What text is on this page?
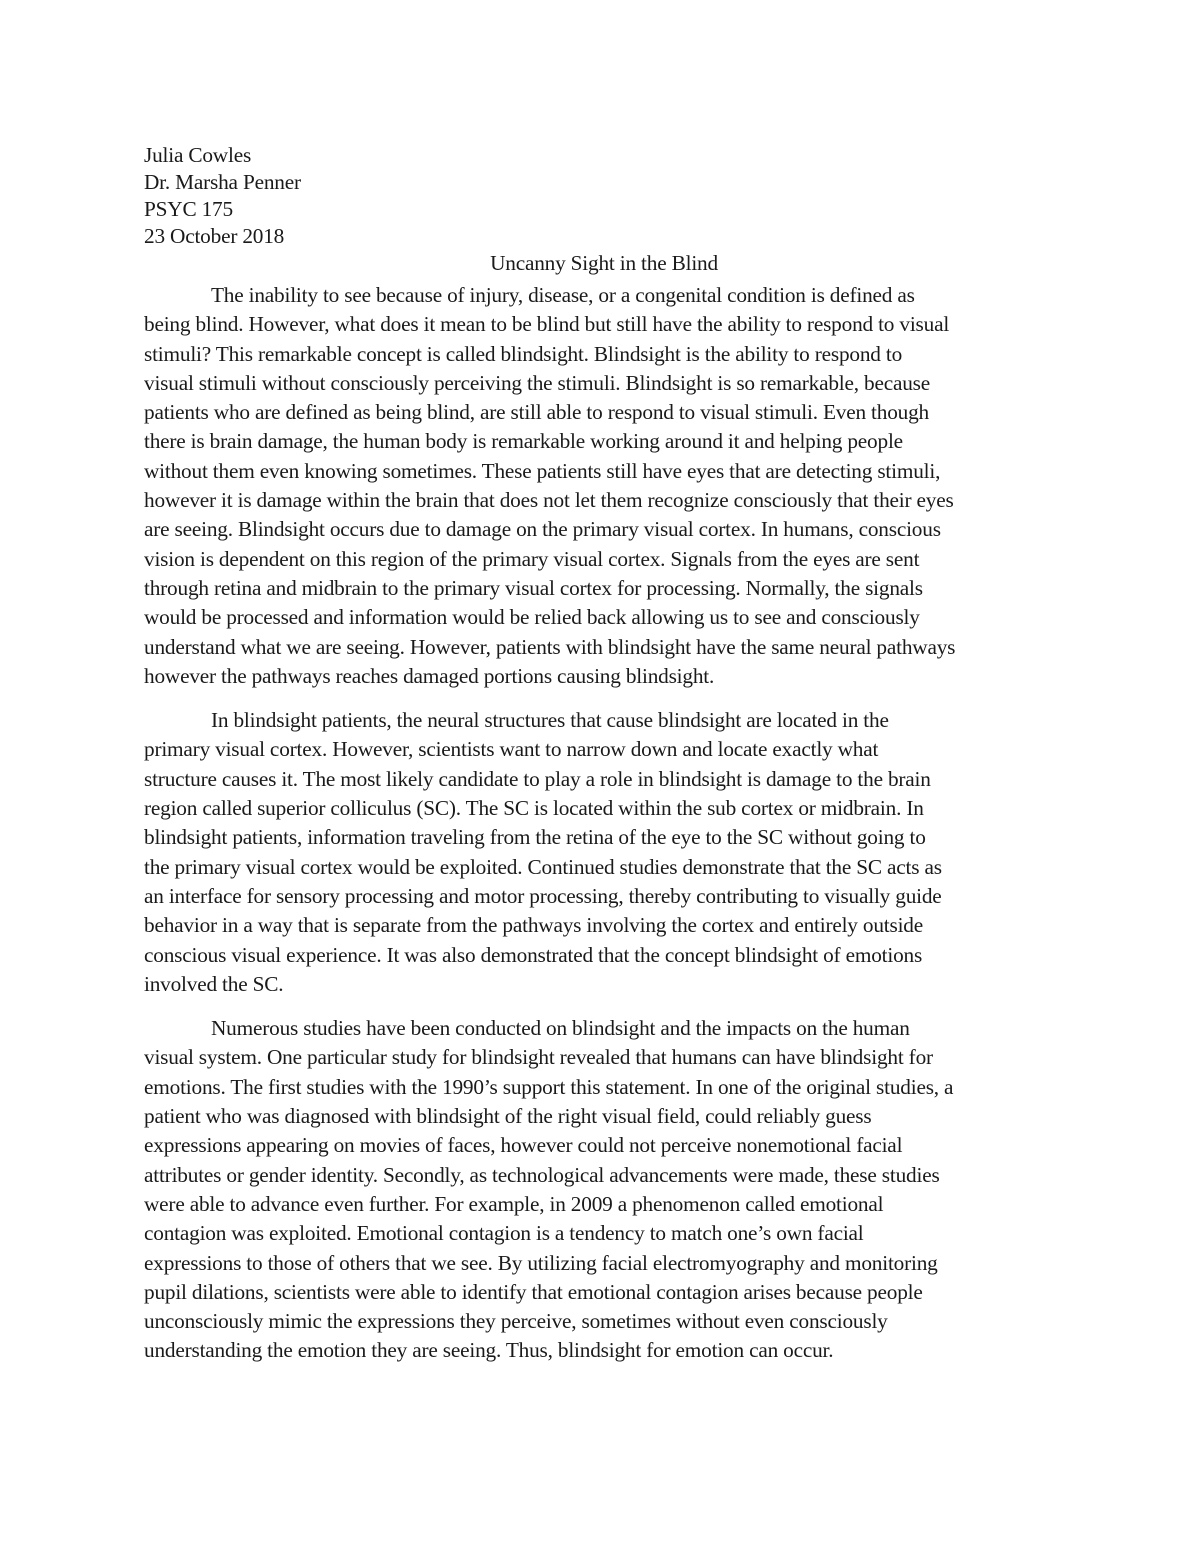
Julia Cowles
Dr. Marsha Penner
PSYC 175
23 October 2018
Uncanny Sight in the Blind
The inability to see because of injury, disease, or a congenital condition is defined as
being blind. However, what does it mean to be blind but still have the ability to respond to visual
stimuli? This remarkable concept is called blindsight. Blindsight is the ability to respond to
visual stimuli without consciously perceiving the stimuli. Blindsight is so remarkable, because
patients who are defined as being blind, are still able to respond to visual stimuli. Even though
there is brain damage, the human body is remarkable working around it and helping people
without them even knowing sometimes. These patients still have eyes that are detecting stimuli,
however it is damage within the brain that does not let them recognize consciously that their eyes
are seeing. Blindsight occurs due to damage on the primary visual cortex. In humans, conscious
vision is dependent on this region of the primary visual cortex. Signals from the eyes are sent
through retina and midbrain to the primary visual cortex for processing. Normally, the signals
would be processed and information would be relied back allowing us to see and consciously
understand what we are seeing. However, patients with blindsight have the same neural pathways
however the pathways reaches damaged portions causing blindsight.
In blindsight patients, the neural structures that cause blindsight are located in the
primary visual cortex. However, scientists want to narrow down and locate exactly what
structure causes it. The most likely candidate to play a role in blindsight is damage to the brain
region called superior colliculus (SC). The SC is located within the sub cortex or midbrain. In
blindsight patients, information traveling from the retina of the eye to the SC without going to
the primary visual cortex would be exploited. Continued studies demonstrate that the SC acts as
an interface for sensory processing and motor processing, thereby contributing to visually guide
behavior in a way that is separate from the pathways involving the cortex and entirely outside
conscious visual experience. It was also demonstrated that the concept blindsight of emotions
involved the SC.
Numerous studies have been conducted on blindsight and the impacts on the human
visual system. One particular study for blindsight revealed that humans can have blindsight for
emotions. The first studies with the 1990’s support this statement. In one of the original studies, a
patient who was diagnosed with blindsight of the right visual field, could reliably guess
expressions appearing on movies of faces, however could not perceive nonemotional facial
attributes or gender identity. Secondly, as technological advancements were made, these studies
were able to advance even further. For example, in 2009 a phenomenon called emotional
contagion was exploited. Emotional contagion is a tendency to match one’s own facial
expressions to those of others that we see. By utilizing facial electromyography and monitoring
pupil dilations, scientists were able to identify that emotional contagion arises because people
unconsciously mimic the expressions they perceive, sometimes without even consciously
understanding the emotion they are seeing. Thus, blindsight for emotion can occur.
